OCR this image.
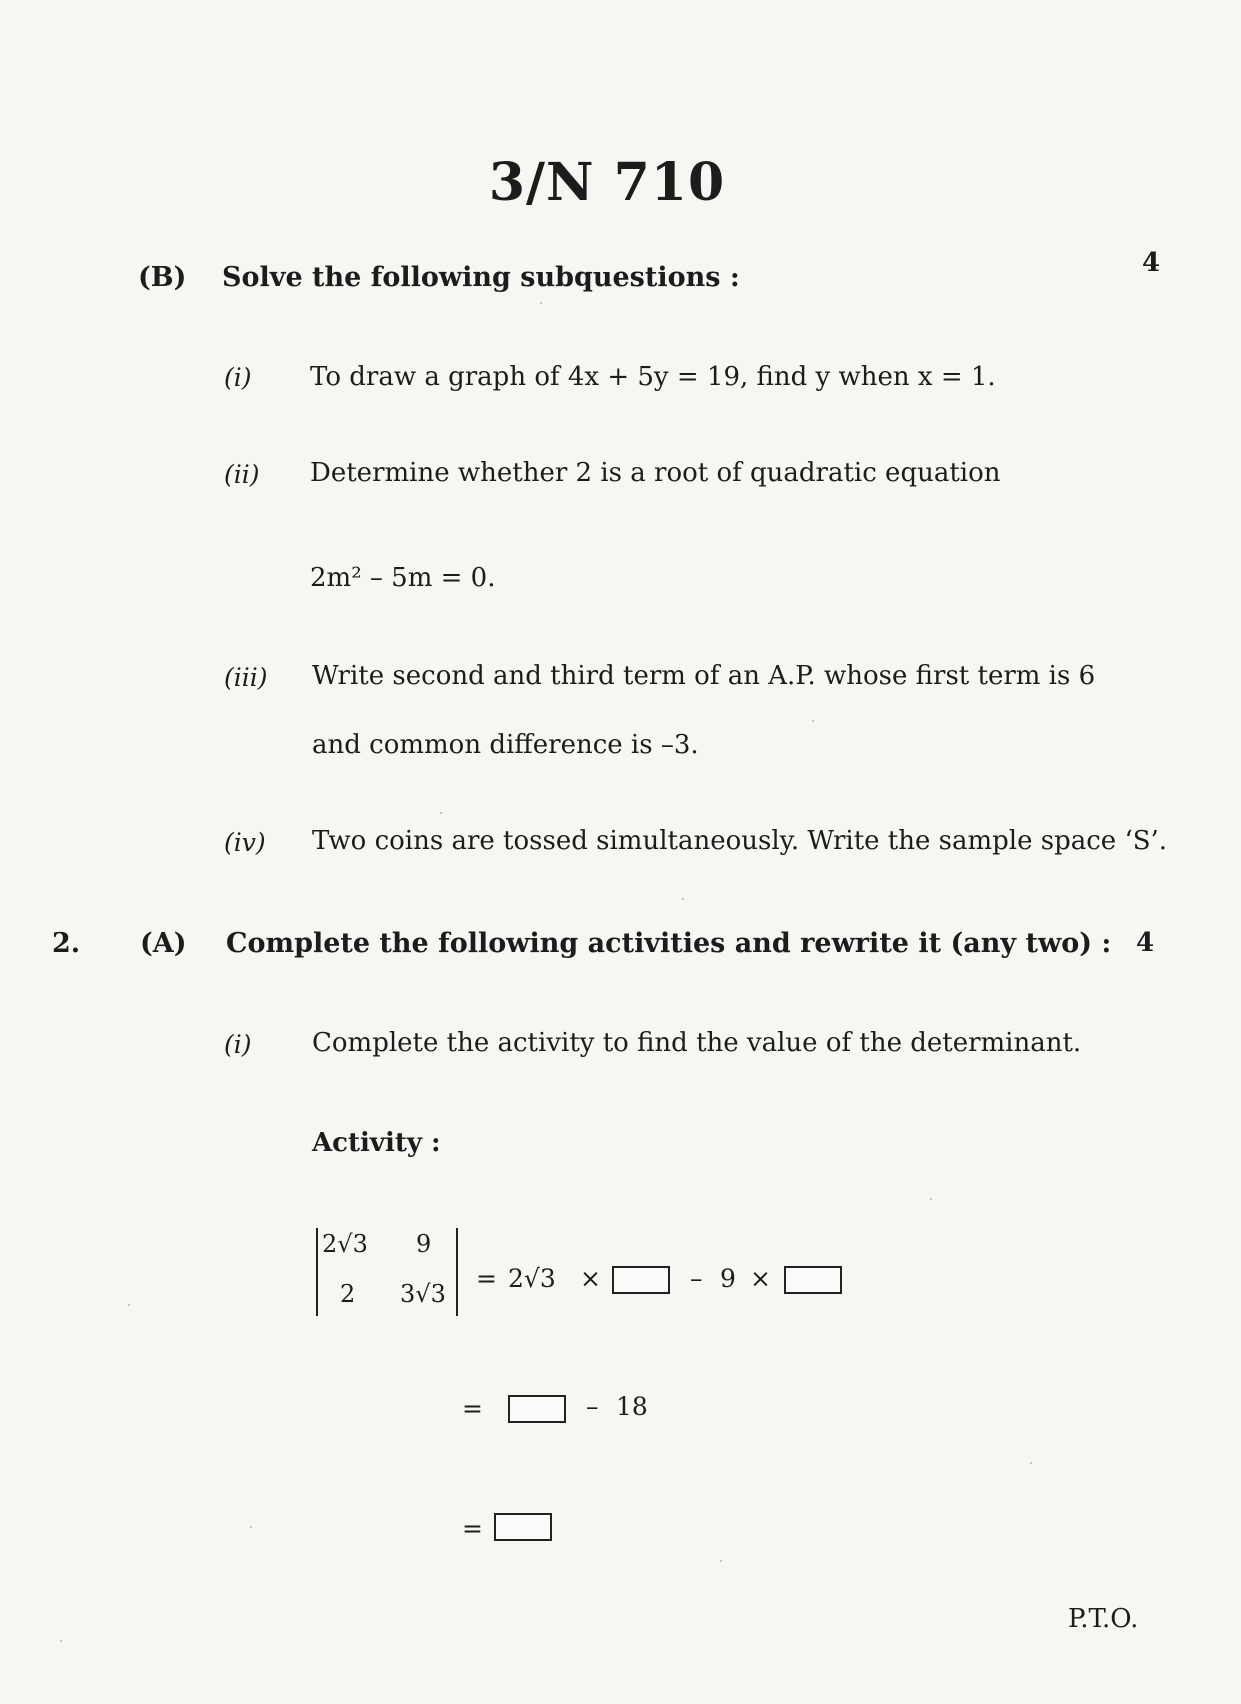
3/N 710
(B) Solve the following subquestions :	4
(i) To draw a graph of 4x + 5y = 19, find y when x = 1.
(ii) Determine whether 2 is a root of quadratic equation
2m² – 5m = 0.
(iii) Write second and third term of an A.P. whose first term is 6
and common difference is –3.
(iv) Two coins are tossed simultaneously. Write the sample space ‘S’.
2. (A) Complete the following activities and rewrite it (any two) : 4
(i) Complete the activity to find the value of the determinant.
Activity :
2√3 9
2 3√3
= 2√3 ×	– 9 ×
=	– 18
=
P.T.O.
